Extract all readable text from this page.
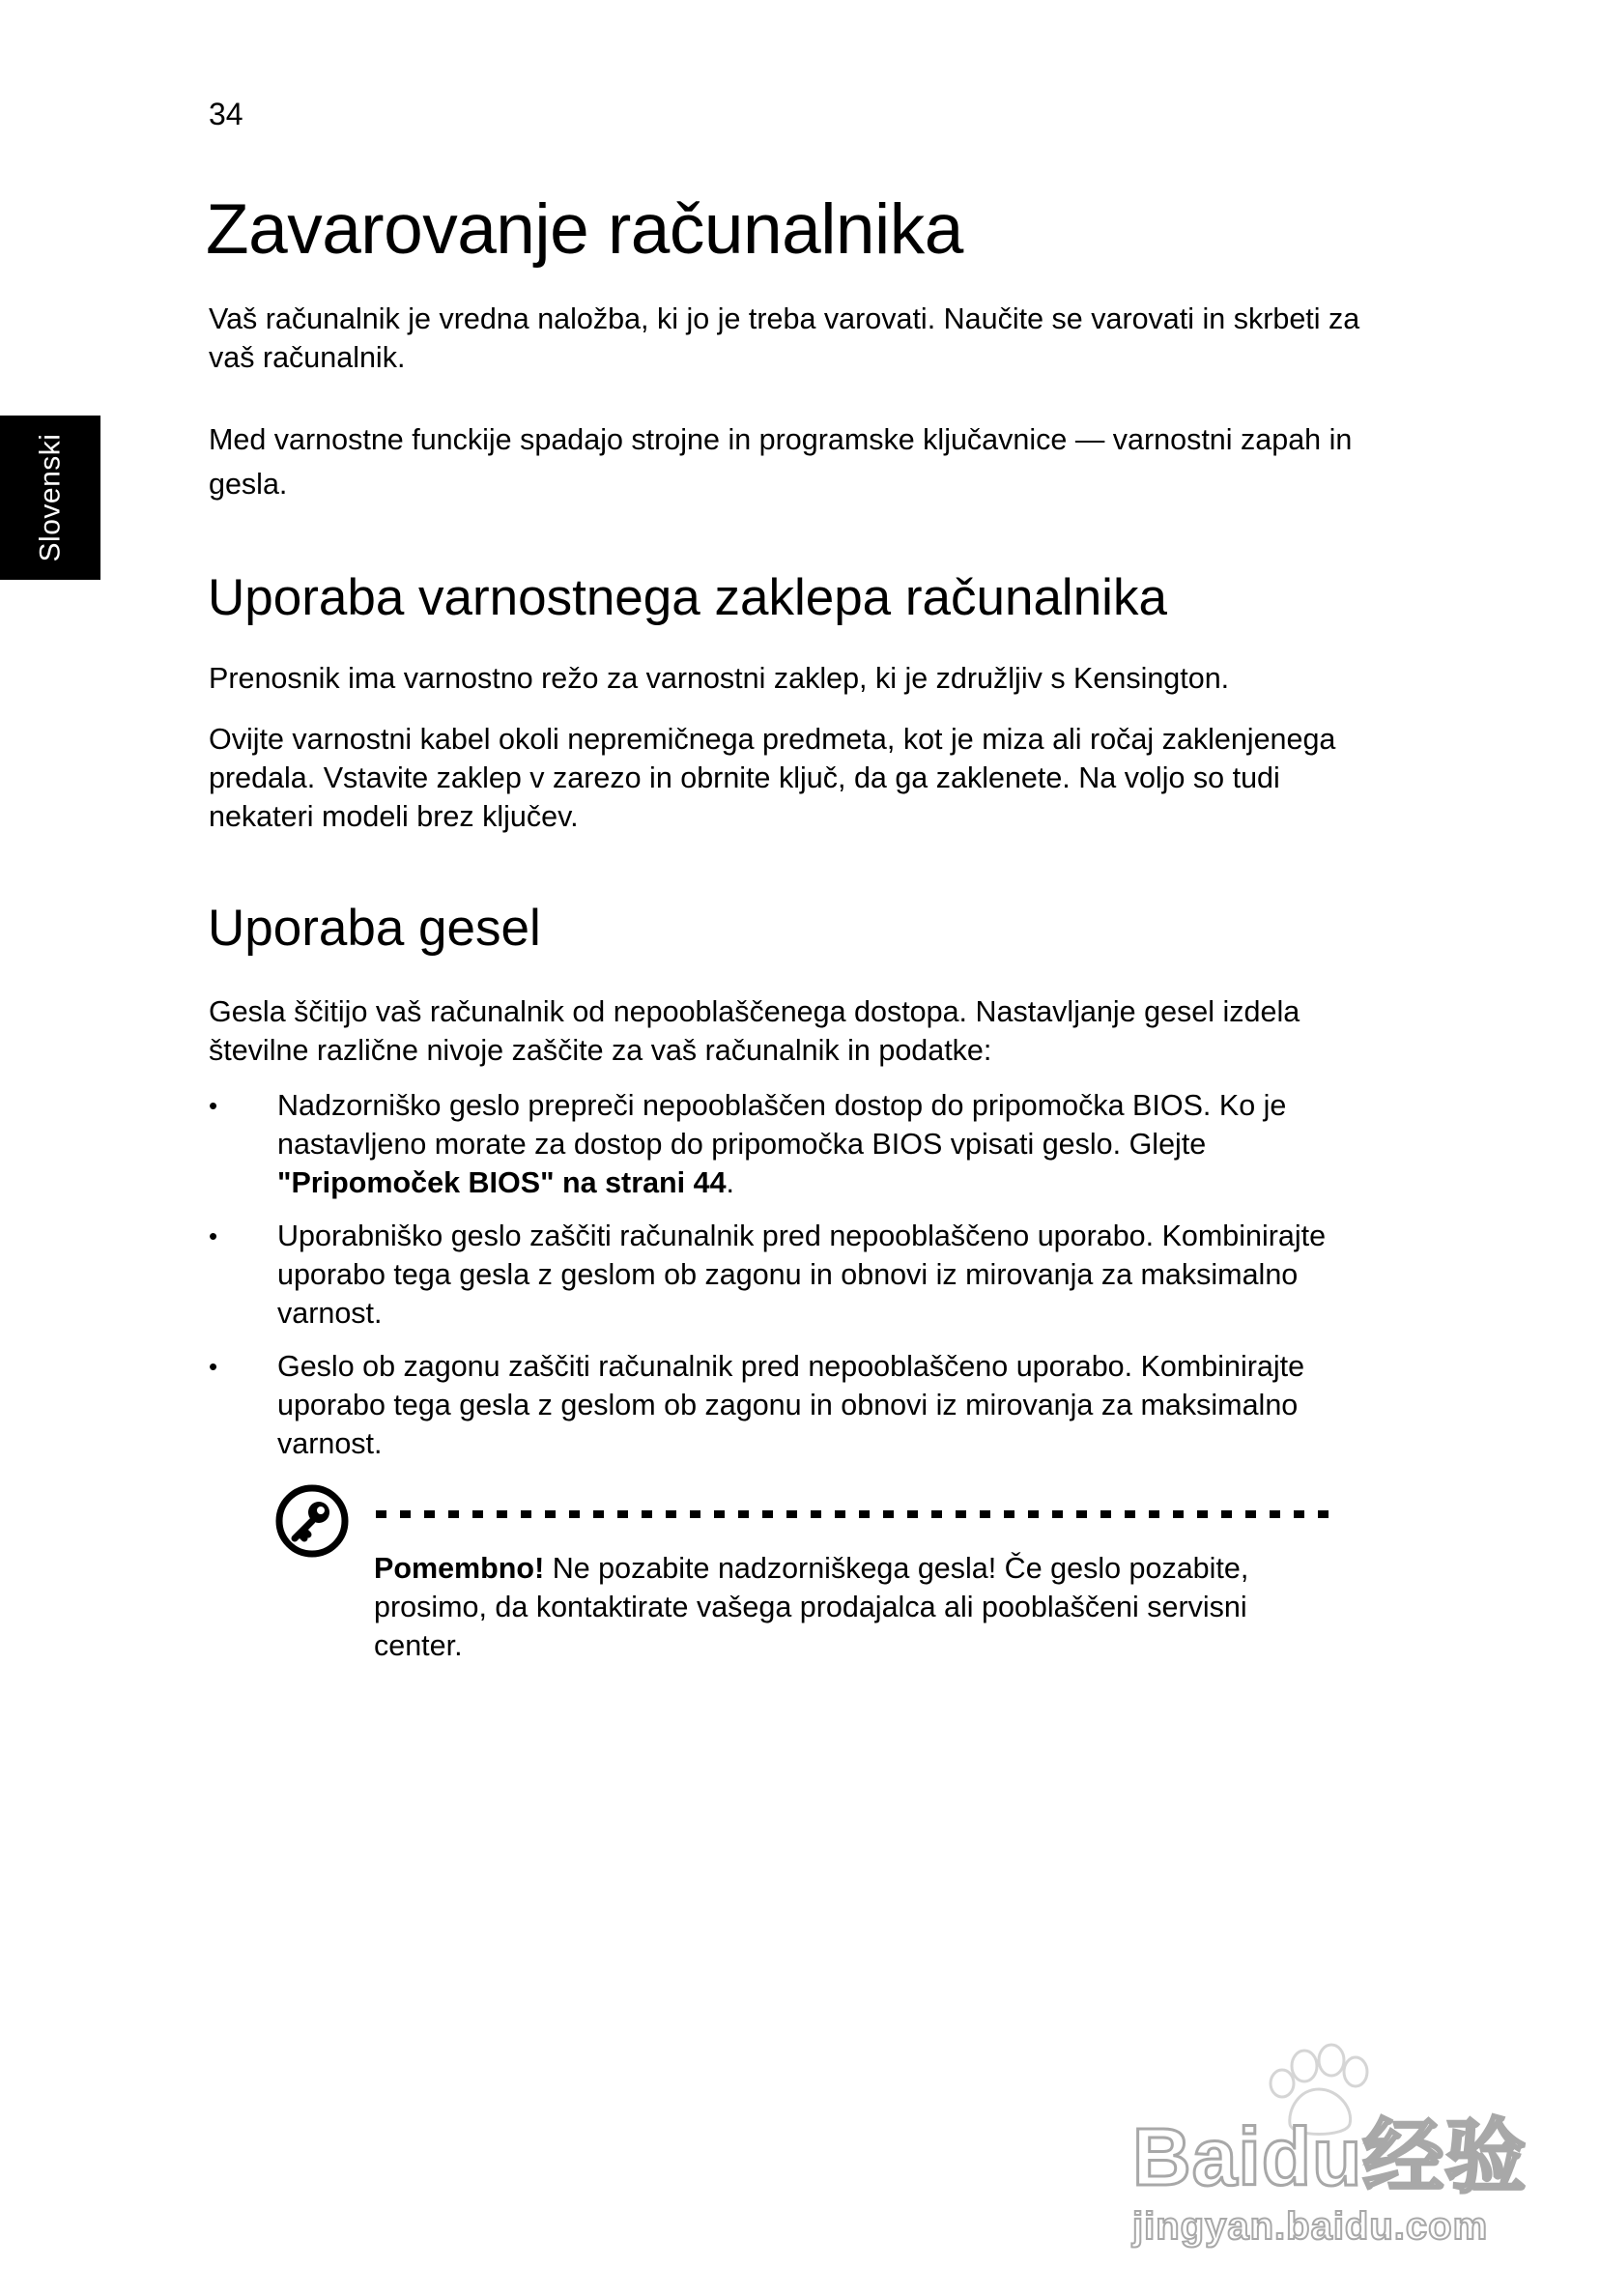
34
Slovenski
Zavarovanje računalnika

Vaš računalnik je vredna naložba, ki jo je treba varovati. Naučite se varovati in skrbeti za vaš računalnik.

Med varnostne funckije spadajo strojne in programske ključavnice — varnostni zapah in gesla.

Uporaba varnostnega zaklepa računalnika

Prenosnik ima varnostno režo za varnostni zaklep, ki je združljiv s Kensington.

Ovijte varnostni kabel okoli nepremičnega predmeta, kot je miza ali ročaj zaklenjenega predala. Vstavite zaklep v zarezo in obrnite ključ, da ga zaklenete. Na voljo so tudi nekateri modeli brez ključev.

Uporaba gesel

Gesla ščitijo vaš računalnik od nepooblaščenega dostopa. Nastavljanje gesel izdela številne različne nivoje zaščite za vaš računalnik in podatke:

• Nadzorniško geslo prepreči nepooblaščen dostop do pripomočka BIOS. Ko je nastavljeno morate za dostop do pripomočka BIOS vpisati geslo. Glejte "Pripomoček BIOS" na strani 44.
• Uporabniško geslo zaščiti računalnik pred nepooblaščeno uporabo. Kombinirajte uporabo tega gesla z geslom ob zagonu in obnovi iz mirovanja za maksimalno varnost.
• Geslo ob zagonu zaščiti računalnik pred nepooblaščeno uporabo. Kombinirajte uporabo tega gesla z geslom ob zagonu in obnovi iz mirovanja za maksimalno varnost.

Pomembno! Ne pozabite nadzorniškega gesla! Če geslo pozabite, prosimo, da kontaktirate vašega prodajalca ali pooblaščeni servisni center.

Baidu经验
jingyan.baidu.com
